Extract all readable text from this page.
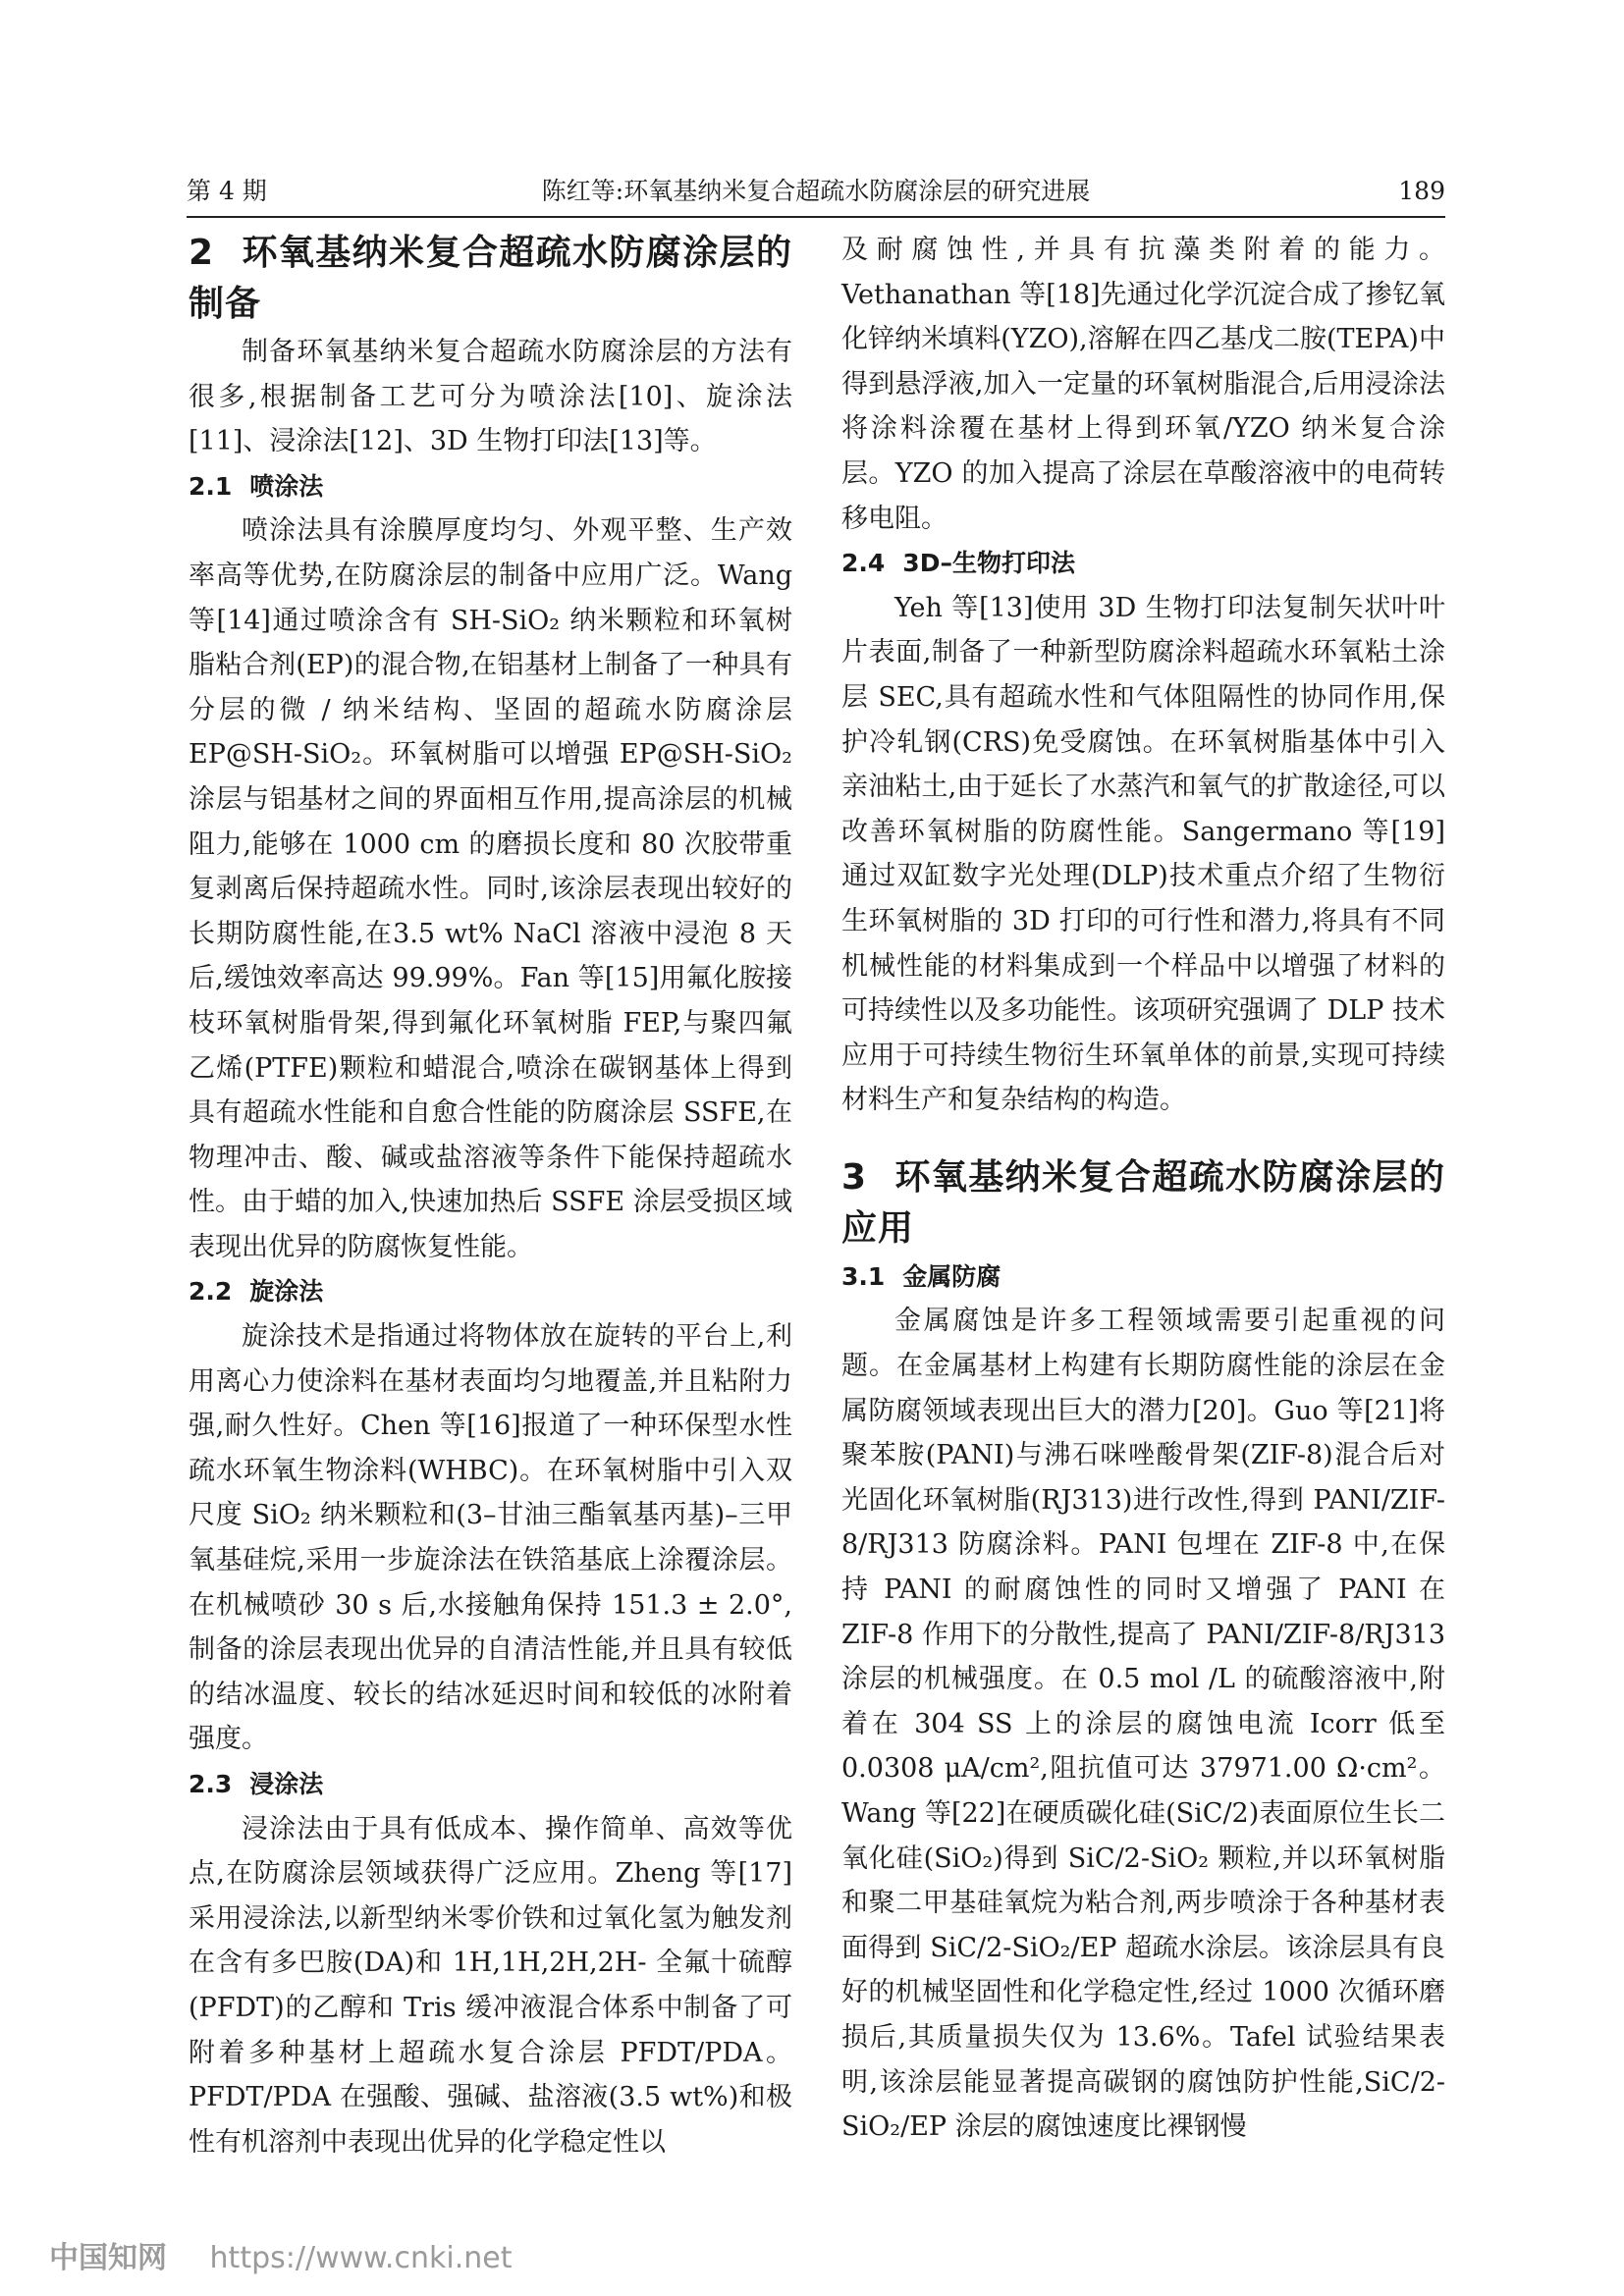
第 4 期	陈红等:环氧基纳米复合超疏水防腐涂层的研究进展	189
2 环氧基纳米复合超疏水防腐涂层的制备

制备环氧基纳米复合超疏水防腐涂层的方法有很多,根据制备工艺可分为喷涂法[10]、旋涂法[11]、浸涂法[12]、3D 生物打印法[13]等。

2.1 喷涂法

喷涂法具有涂膜厚度均匀、外观平整、生产效率高等优势,在防腐涂层的制备中应用广泛。Wang 等[14]通过喷涂含有 SH-SiO₂ 纳米颗粒和环氧树脂粘合剂(EP)的混合物,在铝基材上制备了一种具有分层的微 / 纳米结构、坚固的超疏水防腐涂层 EP@SH-SiO₂。环氧树脂可以增强 EP@SH-SiO₂ 涂层与铝基材之间的界面相互作用,提高涂层的机械阻力,能够在 1000 cm 的磨损长度和 80 次胶带重复剥离后保持超疏水性。同时,该涂层表现出较好的长期防腐性能,在3.5 wt% NaCl 溶液中浸泡 8 天后,缓蚀效率高达 99.99%。Fan 等[15]用氟化胺接枝环氧树脂骨架,得到氟化环氧树脂 FEP,与聚四氟乙烯(PTFE)颗粒和蜡混合,喷涂在碳钢基体上得到具有超疏水性能和自愈合性能的防腐涂层 SSFE,在物理冲击、酸、碱或盐溶液等条件下能保持超疏水性。由于蜡的加入,快速加热后 SSFE 涂层受损区域表现出优异的防腐恢复性能。

2.2 旋涂法

旋涂技术是指通过将物体放在旋转的平台上,利用离心力使涂料在基材表面均匀地覆盖,并且粘附力强,耐久性好。Chen 等[16]报道了一种环保型水性疏水环氧生物涂料(WHBC)。在环氧树脂中引入双尺度 SiO₂ 纳米颗粒和(3–甘油三酯氧基丙基)–三甲氧基硅烷,采用一步旋涂法在铁箔基底上涂覆涂层。在机械喷砂 30 s 后,水接触角保持 151.3 ± 2.0°,制备的涂层表现出优异的自清洁性能,并且具有较低的结冰温度、较长的结冰延迟时间和较低的冰附着强度。

2.3 浸涂法

浸涂法由于具有低成本、操作简单、高效等优点,在防腐涂层领域获得广泛应用。Zheng 等[17]采用浸涂法,以新型纳米零价铁和过氧化氢为触发剂在含有多巴胺(DA)和 1H,1H,2H,2H- 全氟十硫醇(PFDT)的乙醇和 Tris 缓冲液混合体系中制备了可附着多种基材上超疏水复合涂层 PFDT/PDA。PFDT/PDA 在强酸、强碱、盐溶液(3.5 wt%)和极性有机溶剂中表现出优异的化学稳定性以

及耐腐蚀性,并具有抗藻类附着的能力。Vethanathan 等[18]先通过化学沉淀合成了掺钇氧化锌纳米填料(YZO),溶解在四乙基戊二胺(TEPA)中得到悬浮液,加入一定量的环氧树脂混合,后用浸涂法将涂料涂覆在基材上得到环氧/YZO 纳米复合涂层。YZO 的加入提高了涂层在草酸溶液中的电荷转移电阻。

2.4 3D–生物打印法

Yeh 等[13]使用 3D 生物打印法复制矢状叶叶片表面,制备了一种新型防腐涂料超疏水环氧粘土涂层 SEC,具有超疏水性和气体阻隔性的协同作用,保护冷轧钢(CRS)免受腐蚀。在环氧树脂基体中引入亲油粘土,由于延长了水蒸汽和氧气的扩散途径,可以改善环氧树脂的防腐性能。Sangermano 等[19]通过双缸数字光处理(DLP)技术重点介绍了生物衍生环氧树脂的 3D 打印的可行性和潜力,将具有不同机械性能的材料集成到一个样品中以增强了材料的可持续性以及多功能性。该项研究强调了 DLP 技术应用于可持续生物衍生环氧单体的前景,实现可持续材料生产和复杂结构的构造。

3 环氧基纳米复合超疏水防腐涂层的应用
3.1 金属防腐

金属腐蚀是许多工程领域需要引起重视的问题。在金属基材上构建有长期防腐性能的涂层在金属防腐领域表现出巨大的潜力[20]。Guo 等[21]将聚苯胺(PANI)与沸石咪唑酸骨架(ZIF-8)混合后对光固化环氧树脂(RJ313)进行改性,得到 PANI/ZIF-8/RJ313 防腐涂料。PANI 包埋在 ZIF-8 中,在保持 PANI 的耐腐蚀性的同时又增强了 PANI 在 ZIF-8 作用下的分散性,提高了 PANI/ZIF-8/RJ313 涂层的机械强度。在 0.5 mol /L 的硫酸溶液中,附着在 304 SS 上的涂层的腐蚀电流 Icorr 低至 0.0308 μA/cm²,阻抗值可达 37971.00 Ω·cm²。Wang 等[22]在硬质碳化硅(SiC/2)表面原位生长二氧化硅(SiO₂)得到 SiC/2-SiO₂ 颗粒,并以环氧树脂和聚二甲基硅氧烷为粘合剂,两步喷涂于各种基材表面得到 SiC/2-SiO₂/EP 超疏水涂层。该涂层具有良好的机械坚固性和化学稳定性,经过 1000 次循环磨损后,其质量损失仅为 13.6%。Tafel 试验结果表明,该涂层能显著提高碳钢的腐蚀防护性能,SiC/2-SiO₂/EP 涂层的腐蚀速度比裸钢慢

中国知网 https://www.cnki.net
